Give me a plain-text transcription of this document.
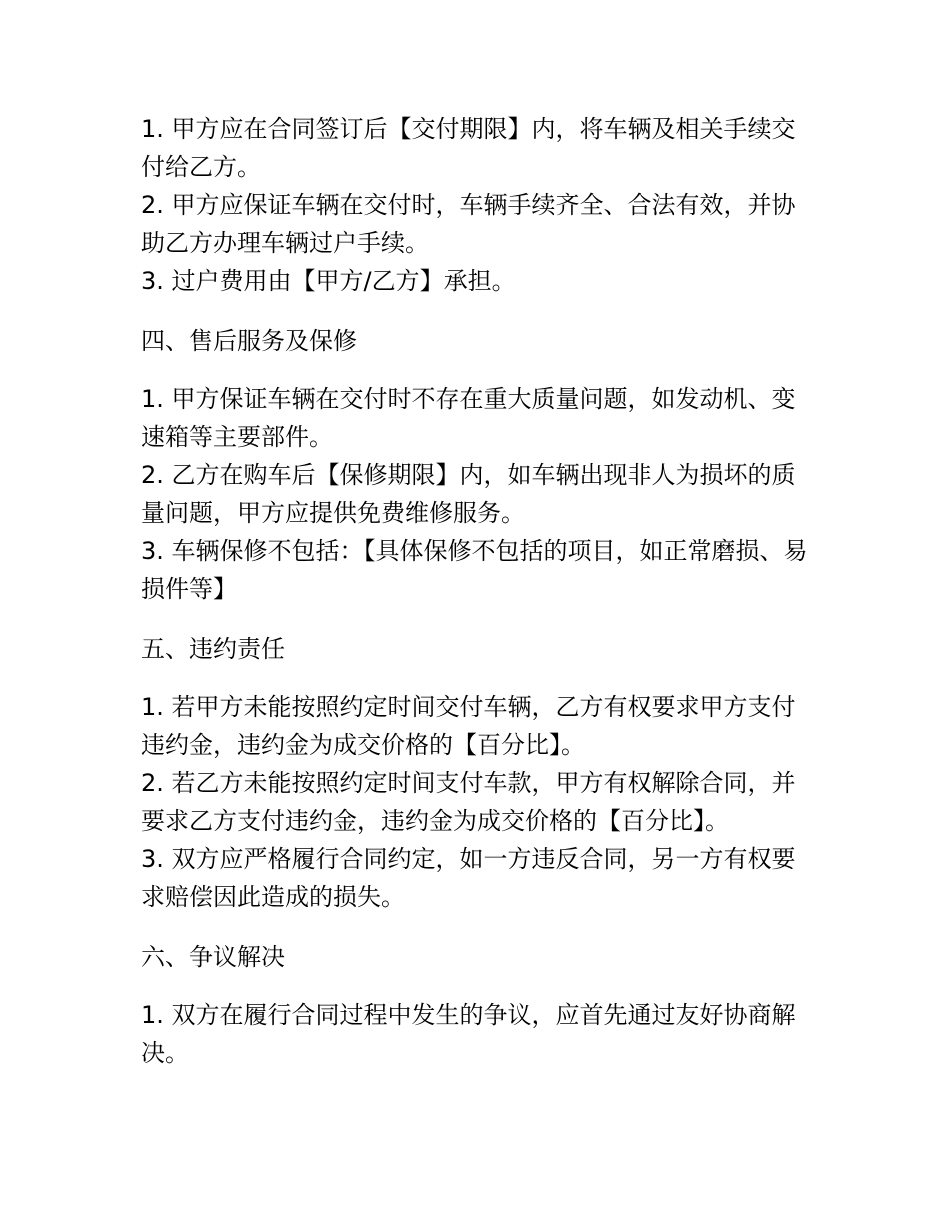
1. 甲方应在合同签订后【交付期限】内，将车辆及相关手续交付给乙方。

2. 甲方应保证车辆在交付时，车辆手续齐全、合法有效，并协助乙方办理车辆过户手续。

3. 过户费用由【甲方/乙方】承担。

四、售后服务及保修

1. 甲方保证车辆在交付时不存在重大质量问题，如发动机、变速箱等主要部件。

2. 乙方在购车后【保修期限】内，如车辆出现非人为损坏的质量问题，甲方应提供免费维修服务。

3. 车辆保修不包括：【具体保修不包括的项目，如正常磨损、易损件等】

五、违约责任

1. 若甲方未能按照约定时间交付车辆，乙方有权要求甲方支付违约金，违约金为成交价格的【百分比】。

2. 若乙方未能按照约定时间支付车款，甲方有权解除合同，并要求乙方支付违约金，违约金为成交价格的【百分比】。

3. 双方应严格履行合同约定，如一方违反合同，另一方有权要求赔偿因此造成的损失。

六、争议解决

1. 双方在履行合同过程中发生的争议，应首先通过友好协商解决。
